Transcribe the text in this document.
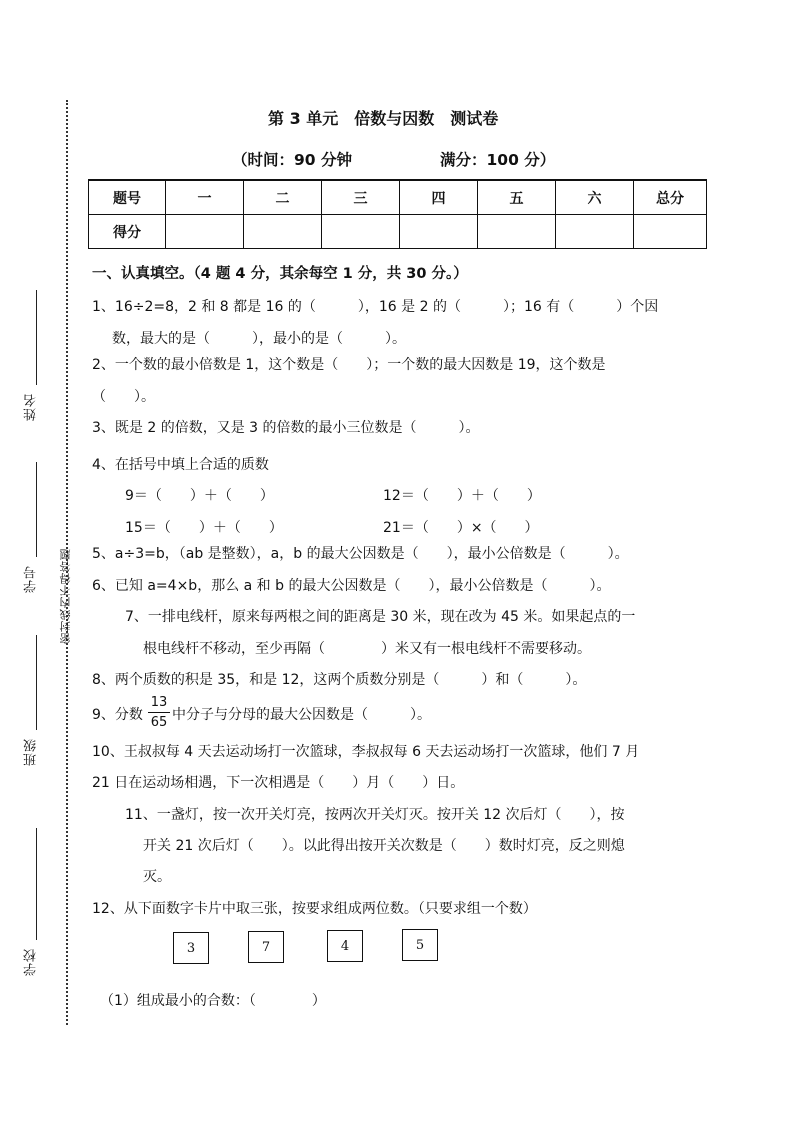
密封线内不得答题
姓名
学号
班级
学校
第 3 单元　倍数与因数　测试卷
（时间：90 分钟	满分：100 分）
题号	一	二	三	四	五	六	总分
得分							
一、认真填空。（4 题 4 分，其余每空 1 分，共 30 分。）
1、16÷2=8，2 和 8 都是 16 的（　　　），16 是 2 的（　　　）；16 有（　　　）个因
数，最大的是（　　　），最小的是（　　　）。
2、一个数的最小倍数是 1，这个数是（　　）；一个数的最大因数是 19，这个数是
（　　）。
3、既是 2 的倍数，又是 3 的倍数的最小三位数是（　　　）。
4、在括号中填上合适的质数
9＝（　　）＋（　　）	12＝（　　）＋（　　）
15＝（　　）＋（　　）	21＝（　　）×（　　）
5、a÷3=b，（ab 是整数），a，b 的最大公因数是（　　），最小公倍数是（　　　）。
6、已知 a=4×b，那么 a 和 b 的最大公因数是（　　），最小公倍数是（　　　）。
7、一排电线杆，原来每两根之间的距离是 30 米，现在改为 45 米。如果起点的一
根电线杆不移动，至少再隔（　　　　）米又有一根电线杆不需要移动。
8、两个质数的积是 35，和是 12，这两个质数分别是（　　　）和（　　　）。
9、分数
13
65 中分子与分母的最大公因数是（　　　）。
10、王叔叔每 4 天去运动场打一次篮球，李叔叔每 6 天去运动场打一次篮球，他们 7 月
21 日在运动场相遇，下一次相遇是（　　）月（　　）日。
11、一盏灯，按一次开关灯亮，按两次开关灯灭。按开关 12 次后灯（　　），按
开关 21 次后灯（　　）。以此得出按开关次数是（　　）数时灯亮，反之则熄
灭。
12、从下面数字卡片中取三张，按要求组成两位数。（只要求组一个数）
3	7	4	5
（1）组成最小的合数：（　　　　）
